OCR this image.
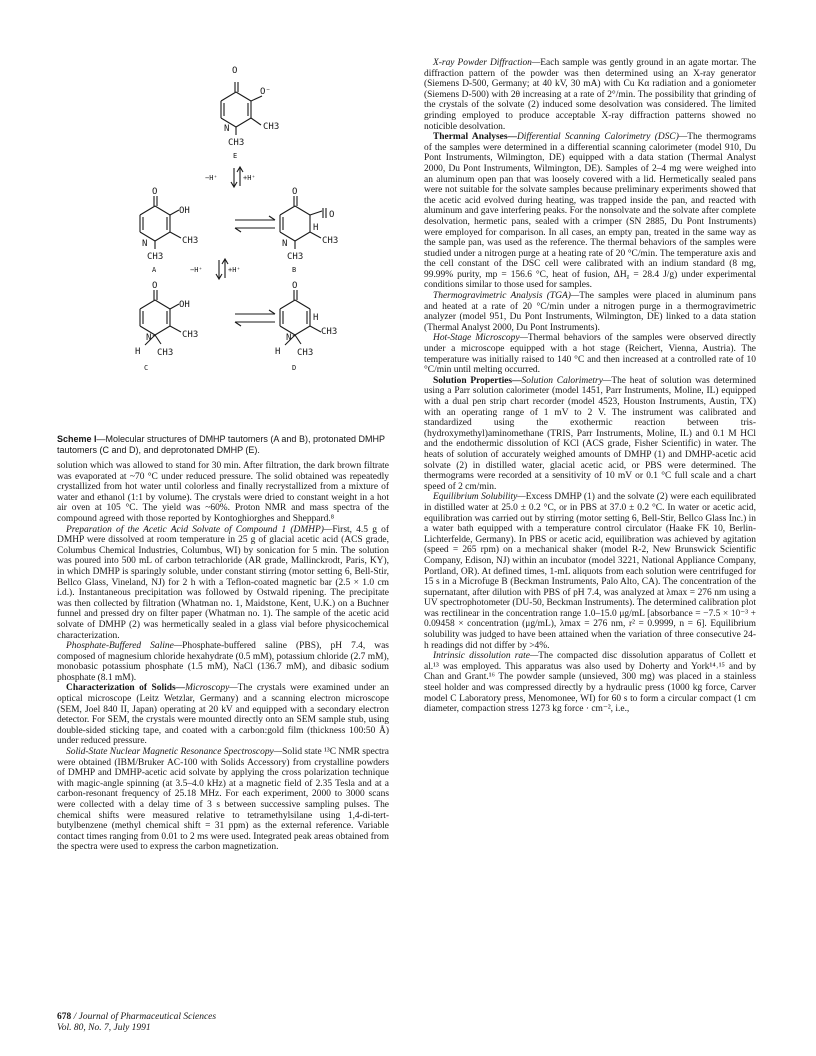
O
O⁻
CH3
N
CH3
E
−H⁺	+H⁺
O
OH
CH3
N
CH3
A
O
O
H
CH3
N
CH3
B
−H⁺	+H⁺
O
OH
CH3
N⁺
H CH3
C
O
H
CH3
N⁺
H CH3
D
Scheme I—Molecular structures of DMHP tautomers (A and B), protonated DMHP tautomers (C and D), and deprotonated DMHP (E).

solution which was allowed to stand for 30 min. After filtration, the dark brown filtrate was evaporated at ~70 °C under reduced pressure. The solid obtained was repeatedly crystallized from hot water until colorless and finally recrystallized from a mixture of water and ethanol (1:1 by volume). The crystals were dried to constant weight in a hot air oven at 105 °C. The yield was ~60%. Proton NMR and mass spectra of the compound agreed with those reported by Kontoghiorghes and Sheppard.⁸

Preparation of the Acetic Acid Solvate of Compound 1 (DMHP)—First, 4.5 g of DMHP were dissolved at room temperature in 25 g of glacial acetic acid (ACS grade, Columbus Chemical Industries, Columbus, WI) by sonication for 5 min. The solution was poured into 500 mL of carbon tetrachloride (AR grade, Mallinckrodt, Paris, KY), in which DMHP is sparingly soluble, under constant stirring (motor setting 6, Bell-Stir, Bellco Glass, Vineland, NJ) for 2 h with a Teflon-coated magnetic bar (2.5 × 1.0 cm i.d.). Instantaneous precipitation was followed by Ostwald ripening. The precipitate was then collected by filtration (Whatman no. 1, Maidstone, Kent, U.K.) on a Buchner funnel and pressed dry on filter paper (Whatman no. 1). The sample of the acetic acid solvate of DMHP (2) was hermetically sealed in a glass vial before physicochemical characterization.

Phosphate-Buffered Saline—Phosphate-buffered saline (PBS), pH 7.4, was composed of magnesium chloride hexahydrate (0.5 mM), potassium chloride (2.7 mM), monobasic potassium phosphate (1.5 mM), NaCl (136.7 mM), and dibasic sodium phosphate (8.1 mM).

Characterization of Solids—Microscopy—The crystals were examined under an optical microscope (Leitz Wetzlar, Germany) and a scanning electron microscope (SEM, Joel 840 II, Japan) operating at 20 kV and equipped with a secondary electron detector. For SEM, the crystals were mounted directly onto an SEM sample stub, using double-sided sticking tape, and coated with a carbon:gold film (thickness 100:50 Å) under reduced pressure.

Solid-State Nuclear Magnetic Resonance Spectroscopy—Solid state ¹³C NMR spectra were obtained (IBM/Bruker AC-100 with Solids Accessory) from crystalline powders of DMHP and DMHP-acetic acid solvate by applying the cross polarization technique with magic-angle spinning (at 3.5–4.0 kHz) at a magnetic field of 2.35 Tesla and at a carbon-resonant frequency of 25.18 MHz. For each experiment, 2000 to 3000 scans were collected with a delay time of 3 s between successive sampling pulses. The chemical shifts were measured relative to tetramethylsilane using 1,4-di-tert-butylbenzene (methyl chemical shift = 31 ppm) as the external reference. Variable contact times ranging from 0.01 to 2 ms were used. Integrated peak areas obtained from the spectra were used to express the carbon magnetization.

X-ray Powder Diffraction—Each sample was gently ground in an agate mortar. The diffraction pattern of the powder was then determined using an X-ray generator (Siemens D-500, Germany; at 40 kV, 30 mA) with Cu Kα radiation and a goniometer (Siemens D-500) with 2θ increasing at a rate of 2°/min. The possibility that grinding of the crystals of the solvate (2) induced some desolvation was considered. The limited grinding employed to produce acceptable X-ray diffraction patterns showed no noticible desolvation.

Thermal Analyses—Differential Scanning Calorimetry (DSC)—The thermograms of the samples were determined in a differential scanning calorimeter (model 910, Du Pont Instruments, Wilmington, DE) equipped with a data station (Thermal Analyst 2000, Du Pont Instruments, Wilmington, DE). Samples of 2–4 mg were weighed into an aluminum open pan that was loosely covered with a lid. Hermetically sealed pans were not suitable for the solvate samples because preliminary experiments showed that the acetic acid evolved during heating, was trapped inside the pan, and reacted with aluminum and gave interfering peaks. For the nonsolvate and the solvate after complete desolvation, hermetic pans, sealed with a crimper (SN 2885, Du Pont Instruments) were employed for comparison. In all cases, an empty pan, treated in the same way as the sample pan, was used as the reference. The thermal behaviors of the samples were studied under a nitrogen purge at a heating rate of 20 °C/min. The temperature axis and the cell constant of the DSC cell were calibrated with an indium standard (8 mg, 99.99% purity, mp = 156.6 °C, heat of fusion, ΔHᵪ = 28.4 J/g) under experimental conditions similar to those used for samples.

Thermogravimetric Analysis (TGA)—The samples were placed in aluminum pans and heated at a rate of 20 °C/min under a nitrogen purge in a thermogravimetric analyzer (model 951, Du Pont Instruments, Wilmington, DE) linked to a data station (Thermal Analyst 2000, Du Pont Instruments).

Hot-Stage Microscopy—Thermal behaviors of the samples were observed directly under a microscope equipped with a hot stage (Reichert, Vienna, Austria). The temperature was initially raised to 140 °C and then increased at a controlled rate of 10 °C/min until melting occurred.

Solution Properties—Solution Calorimetry—The heat of solution was determined using a Parr solution calorimeter (model 1451, Parr Instruments, Moline, IL) equipped with a dual pen strip chart recorder (model 4523, Houston Instruments, Austin, TX) with an operating range of 1 mV to 2 V. The instrument was calibrated and standardized using the exothermic reaction between tris-(hydroxymethyl)aminomethane (TRIS, Parr Instruments, Moline, IL) and 0.1 M HCl and the endothermic dissolution of KCl (ACS grade, Fisher Scientific) in water. The heats of solution of accurately weighed amounts of DMHP (1) and DMHP-acetic acid solvate (2) in distilled water, glacial acetic acid, or PBS were determined. The thermograms were recorded at a sensitivity of 10 mV or 0.1 °C full scale and a chart speed of 2 cm/min.

Equilibrium Solubility—Excess DMHP (1) and the solvate (2) were each equilibrated in distilled water at 25.0 ± 0.2 °C, or in PBS at 37.0 ± 0.2 °C. In water or acetic acid, equilibration was carried out by stirring (motor setting 6, Bell-Stir, Bellco Glass Inc.) in a water bath equipped with a temperature control circulator (Haake FK 10, Berlin-Lichterfelde, Germany). In PBS or acetic acid, equilibration was achieved by agitation (speed = 265 rpm) on a mechanical shaker (model R-2, New Brunswick Scientific Company, Edison, NJ) within an incubator (model 3221, National Appliance Company, Portland, OR). At defined times, 1-mL aliquots from each solution were centrifuged for 15 s in a Microfuge B (Beckman Instruments, Palo Alto, CA). The concentration of the supernatant, after dilution with PBS of pH 7.4, was analyzed at λmax = 276 nm using a UV spectrophotometer (DU-50, Beckman Instruments). The determined calibration plot was rectilinear in the concentration range 1.0–15.0 μg/mL [absorbance = −7.5 × 10⁻³ + 0.09458 × concentration (μg/mL), λmax = 276 nm, r² = 0.9999, n = 6]. Equilibrium solubility was judged to have been attained when the variation of three consecutive 24-h readings did not differ by >4%.

Intrinsic dissolution rate—The compacted disc dissolution apparatus of Collett et al.¹³ was employed. This apparatus was also used by Doherty and York¹⁴˒¹⁵ and by Chan and Grant.¹⁶ The powder sample (unsieved, 300 mg) was placed in a stainless steel holder and was compressed directly by a hydraulic press (1000 kg force, Carver model C Laboratory press, Menomonee, WI) for 60 s to form a circular compact (1 cm diameter, compaction stress 1273 kg force · cm⁻², i.e.,

678 / Journal of Pharmaceutical Sciences
Vol. 80, No. 7, July 1991
